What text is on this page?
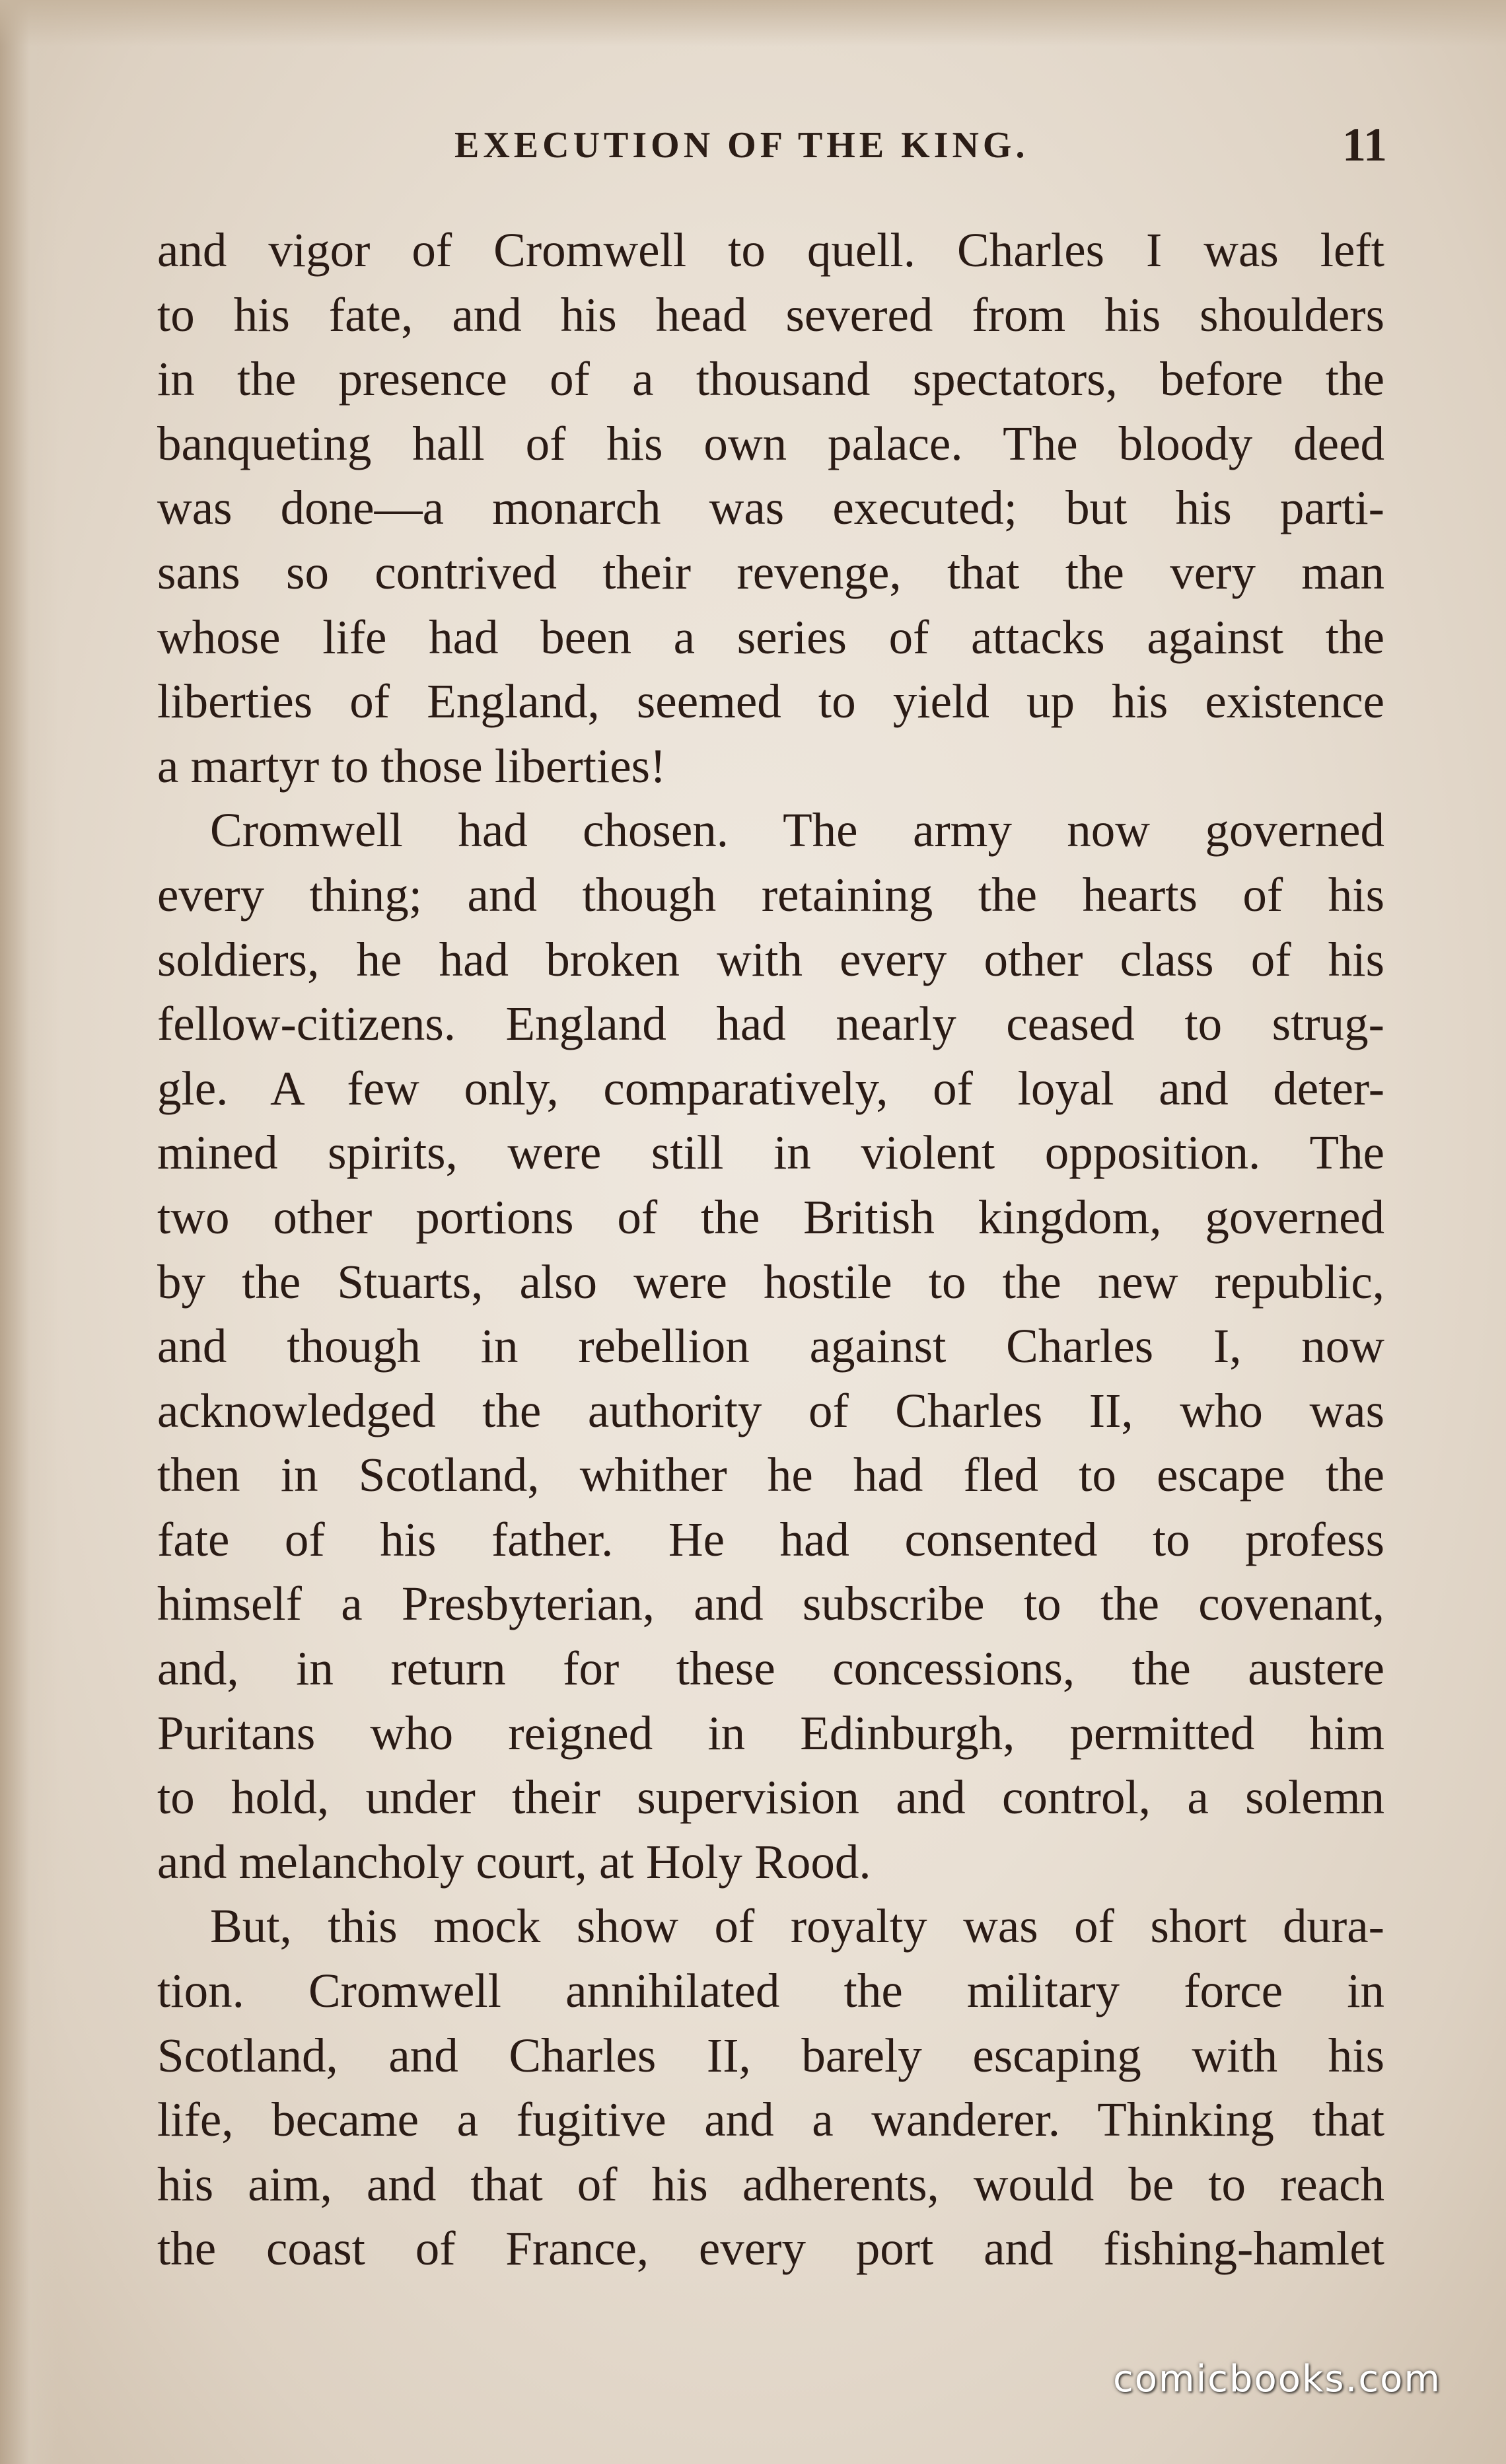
EXECUTION OF THE KING.	11
and vigor of Cromwell to quell. Charles I was left
to his fate, and his head severed from his shoulders
in the presence of a thousand spectators, before the
banqueting hall of his own palace. The bloody deed
was done—a monarch was executed; but his parti-
sans so contrived their revenge, that the very man
whose life had been a series of attacks against the
liberties of England, seemed to yield up his existence
a martyr to those liberties!
Cromwell had chosen. The army now governed
every thing; and though retaining the hearts of his
soldiers, he had broken with every other class of his
fellow-citizens. England had nearly ceased to strug-
gle. A few only, comparatively, of loyal and deter-
mined spirits, were still in violent opposition. The
two other portions of the British kingdom, governed
by the Stuarts, also were hostile to the new republic,
and though in rebellion against Charles I, now
acknowledged the authority of Charles II, who was
then in Scotland, whither he had fled to escape the
fate of his father. He had consented to profess
himself a Presbyterian, and subscribe to the covenant,
and, in return for these concessions, the austere
Puritans who reigned in Edinburgh, permitted him
to hold, under their supervision and control, a solemn
and melancholy court, at Holy Rood.
But, this mock show of royalty was of short dura-
tion. Cromwell annihilated the military force in
Scotland, and Charles II, barely escaping with his
life, became a fugitive and a wanderer. Thinking that
his aim, and that of his adherents, would be to reach
the coast of France, every port and fishing-hamlet
comicbooks.com
